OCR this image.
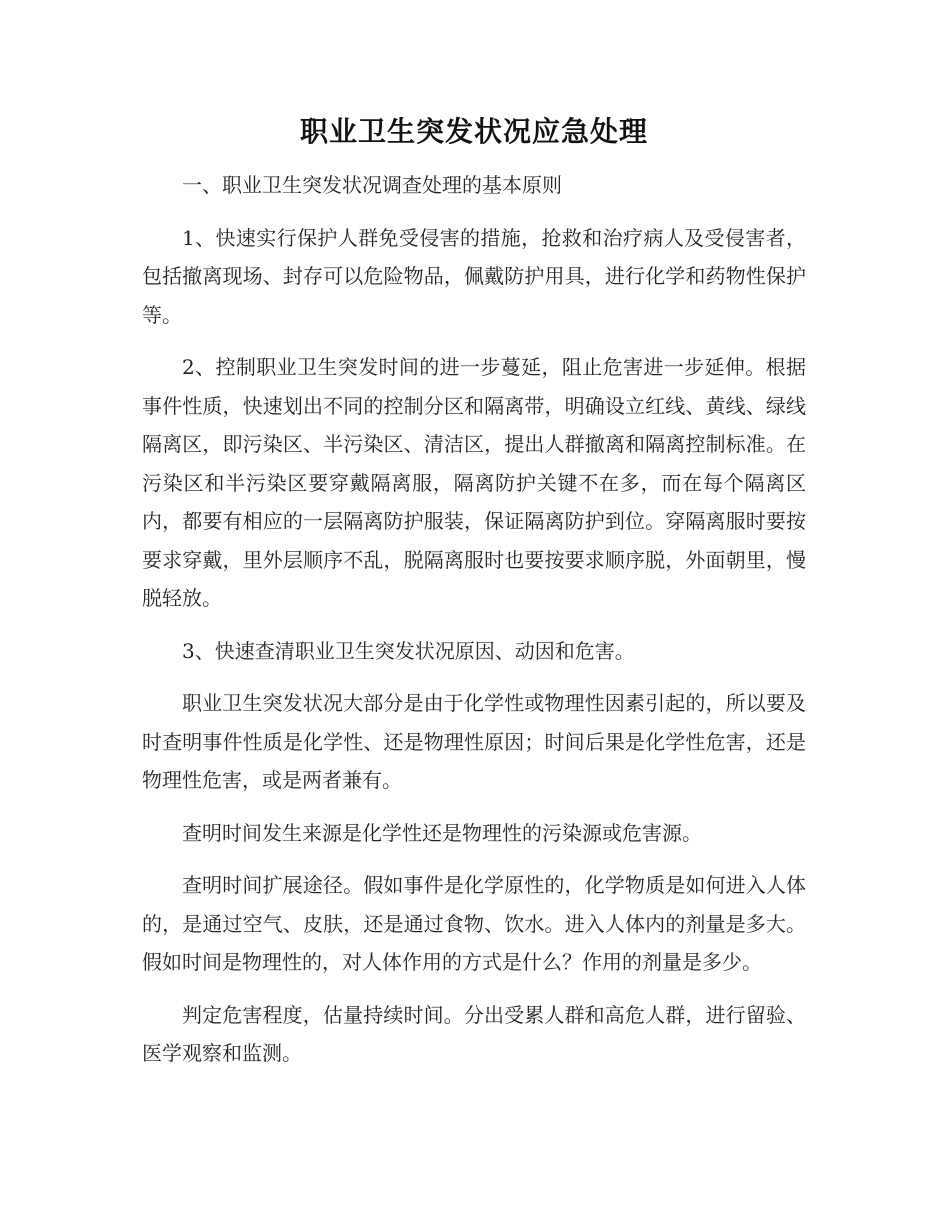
职业卫生突发状况应急处理

一、职业卫生突发状况调查处理的基本原则

1、快速实行保护人群免受侵害的措施，抢救和治疗病人及受侵害者，包括撤离现场、封存可以危险物品，佩戴防护用具，进行化学和药物性保护等。

2、控制职业卫生突发时间的进一步蔓延，阻止危害进一步延伸。根据事件性质，快速划出不同的控制分区和隔离带，明确设立红线、黄线、绿线隔离区，即污染区、半污染区、清洁区，提出人群撤离和隔离控制标准。在污染区和半污染区要穿戴隔离服，隔离防护关键不在多，而在每个隔离区内，都要有相应的一层隔离防护服装，保证隔离防护到位。穿隔离服时要按要求穿戴，里外层顺序不乱，脱隔离服时也要按要求顺序脱，外面朝里，慢脱轻放。

3、快速查清职业卫生突发状况原因、动因和危害。

职业卫生突发状况大部分是由于化学性或物理性因素引起的，所以要及时查明事件性质是化学性、还是物理性原因；时间后果是化学性危害，还是物理性危害，或是两者兼有。

查明时间发生来源是化学性还是物理性的污染源或危害源。

查明时间扩展途径。假如事件是化学原性的，化学物质是如何进入人体的，是通过空气、皮肤，还是通过食物、饮水。进入人体内的剂量是多大。假如时间是物理性的，对人体作用的方式是什么？作用的剂量是多少。

判定危害程度，估量持续时间。分出受累人群和高危人群，进行留验、医学观察和监测。
